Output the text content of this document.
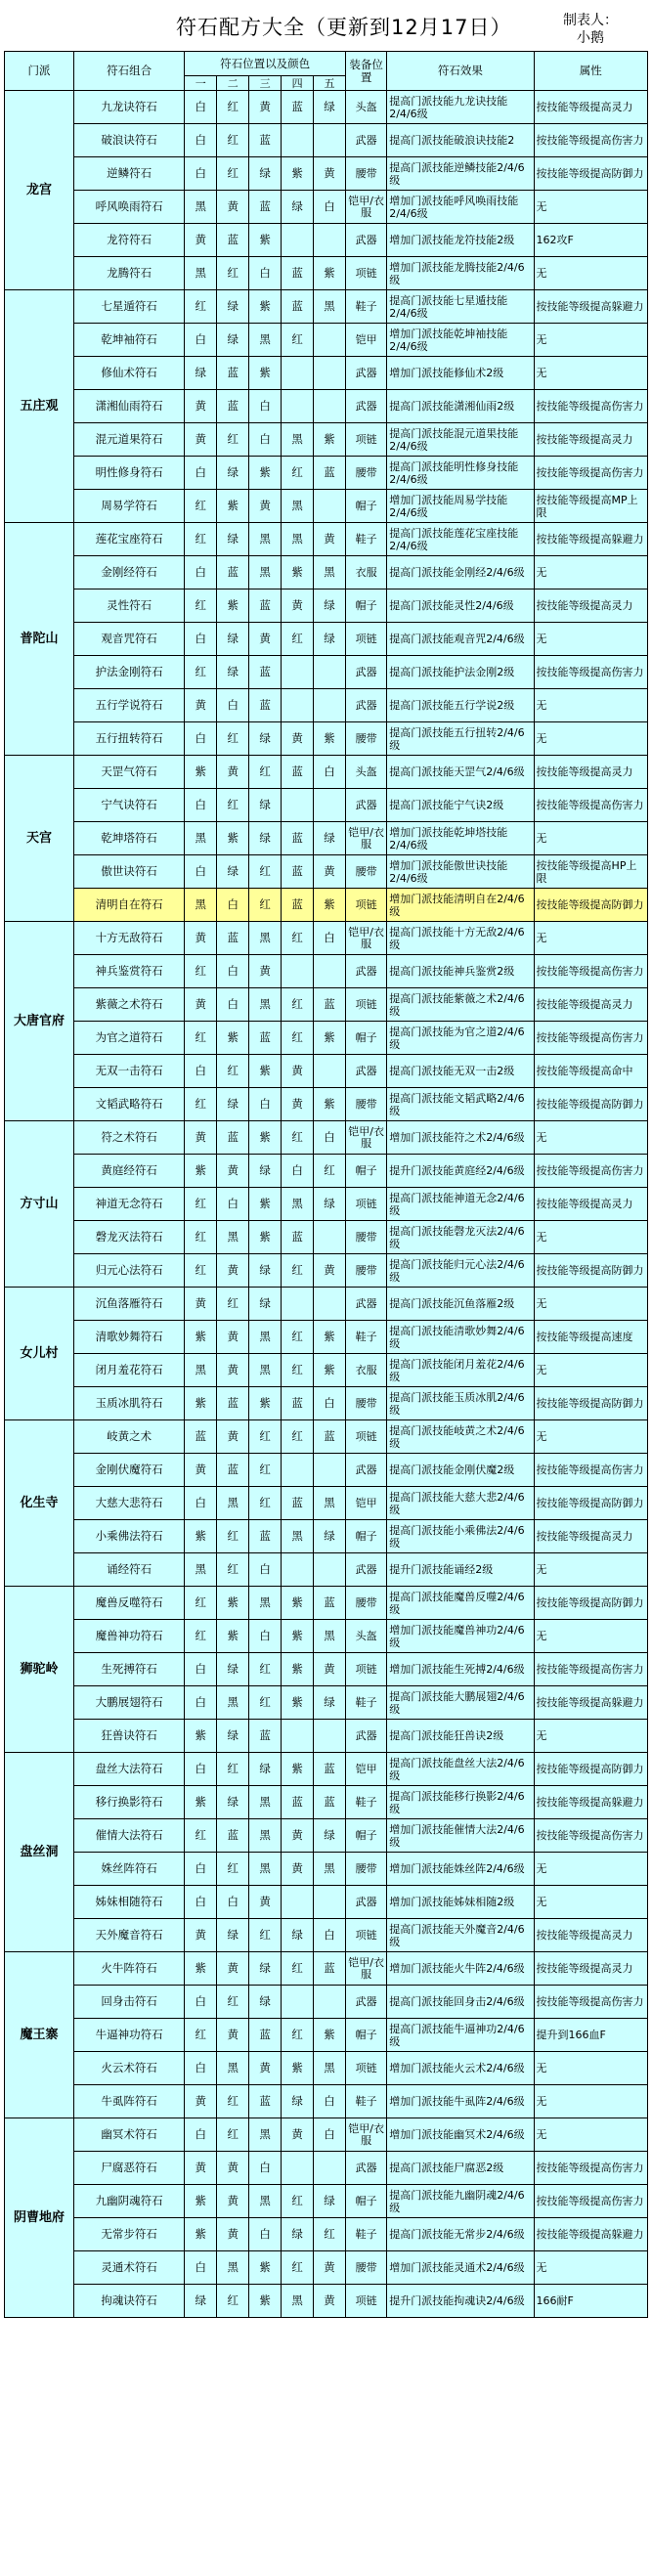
符石配方大全（更新到12月17日）	制表人：
小鹅
门派	符石组合	符石位置以及颜色					装备位置	符石效果	属性
		一	二	三	四	五			
龙宫	九龙诀符石	白	红	黄	蓝	绿	头盔	提高门派技能九龙诀技能2/4/6级	按技能等级提高灵力
	破浪诀符石	白	红	蓝			武器	提高门派技能破浪诀技能2	按技能等级提高伤害力
	逆鳞符石	白	红	绿	紫	黄	腰带	提高门派技能逆鳞技能2/4/6级	按技能等级提高防御力
	呼风唤雨符石	黑	黄	蓝	绿	白	铠甲/衣服	增加门派技能呼风唤雨技能2/4/6级	无
	龙符符石	黄	蓝	紫			武器	增加门派技能龙符技能2级	162攻F
	龙腾符石	黑	红	白	蓝	紫	项链	增加门派技能龙腾技能2/4/6级	无
五庄观	七星遁符石	红	绿	紫	蓝	黑	鞋子	提高门派技能七星遁技能2/4/6级	按技能等级提高躲避力
	乾坤袖符石	白	绿	黑	红		铠甲	增加门派技能乾坤袖技能2/4/6级	无
	修仙术符石	绿	蓝	紫			武器	增加门派技能修仙术2级	无
	潇湘仙雨符石	黄	蓝	白			武器	提高门派技能潇湘仙雨2级	按技能等级提高伤害力
	混元道果符石	黄	红	白	黑	紫	项链	提高门派技能混元道果技能2/4/6级	按技能等级提高灵力
	明性修身符石	白	绿	紫	红	蓝	腰带	提高门派技能明性修身技能2/4/6级	按技能等级提高伤害力
	周易学符石	红	紫	黄	黑		帽子	增加门派技能周易学技能2/4/6级	按技能等级提高MP上限
普陀山	莲花宝座符石	红	绿	黑	黑	黄	鞋子	提高门派技能莲花宝座技能2/4/6级	按技能等级提高躲避力
	金刚经符石	白	蓝	黑	紫	黑	衣服	提高门派技能金刚经2/4/6级	无
	灵性符石	红	紫	蓝	黄	绿	帽子	提高门派技能灵性2/4/6级	按技能等级提高灵力
	观音咒符石	白	绿	黄	红	绿	项链	提高门派技能观音咒2/4/6级	无
	护法金刚符石	红	绿	蓝			武器	提高门派技能护法金刚2级	按技能等级提高伤害力
	五行学说符石	黄	白	蓝			武器	提高门派技能五行学说2级	无
	五行扭转符石	白	红	绿	黄	紫	腰带	提高门派技能五行扭转2/4/6级	无
天宫	天罡气符石	紫	黄	红	蓝	白	头盔	提高门派技能天罡气2/4/6级	按技能等级提高灵力
	宁气诀符石	白	红	绿			武器	提高门派技能宁气诀2级	按技能等级提高伤害力
	乾坤塔符石	黑	紫	绿	蓝	绿	铠甲/衣服	增加门派技能乾坤塔技能2/4/6级	无
	傲世诀符石	白	绿	红	蓝	黄	腰带	增加门派技能傲世诀技能2/4/6级	按技能等级提高HP上限
	清明自在符石	黑	白	红	蓝	紫	项链	增加门派技能清明自在2/4/6级	按技能等级提高防御力
大唐官府	十方无敌符石	黄	蓝	黑	红	白	铠甲/衣服	提高门派技能十方无敌2/4/6级	无
	神兵鉴赏符石	红	白	黄			武器	提高门派技能神兵鉴赏2级	按技能等级提高伤害力
	紫薇之术符石	黄	白	黑	红	蓝	项链	提高门派技能紫薇之术2/4/6级	按技能等级提高灵力
	为官之道符石	红	紫	蓝	红	紫	帽子	提高门派技能为官之道2/4/6级	按技能等级提高伤害力
	无双一击符石	白	红	紫	黄		武器	提高门派技能无双一击2级	按技能等级提高命中
	文韬武略符石	红	绿	白	黄	紫	腰带	提高门派技能文韬武略2/4/6级	按技能等级提高防御力
方寸山	符之术符石	黄	蓝	紫	红	白	铠甲/衣服	增加门派技能符之术2/4/6级	无
	黄庭经符石	紫	黄	绿	白	红	帽子	提升门派技能黄庭经2/4/6级	按技能等级提高伤害力
	神道无念符石	红	白	紫	黑	绿	项链	提高门派技能神道无念2/4/6级	按技能等级提高灵力
	磬龙灭法符石	红	黑	紫	蓝		腰带	提高门派技能磬龙灭法2/4/6级	无
	归元心法符石	红	黄	绿	红	黄	腰带	提高门派技能归元心法2/4/6级	按技能等级提高防御力
女儿村	沉鱼落雁符石	黄	红	绿			武器	提高门派技能沉鱼落雁2级	无
	清歌妙舞符石	紫	黄	黑	红	紫	鞋子	提高门派技能清歌妙舞2/4/6级	按技能等级提高速度
	闭月羞花符石	黑	黄	黑	红	紫	衣服	提高门派技能闭月羞花2/4/6级	无
	玉质冰肌符石	紫	蓝	紫	蓝	白	腰带	提高门派技能玉质冰肌2/4/6级	按技能等级提高防御力
化生寺	岐黄之术	蓝	黄	红	红	蓝	项链	提高门派技能岐黄之术2/4/6级	无
	金刚伏魔符石	黄	蓝	红			武器	提高门派技能金刚伏魔2级	按技能等级提高伤害力
	大慈大悲符石	白	黑	红	蓝	黑	铠甲	提高门派技能大慈大悲2/4/6级	按技能等级提高防御力
	小乘佛法符石	紫	红	蓝	黑	绿	帽子	提高门派技能小乘佛法2/4/6级	按技能等级提高灵力
	诵经符石	黑	红	白			武器	提升门派技能诵经2级	无
狮驼岭	魔兽反噬符石	红	紫	黑	紫	蓝	腰带	提高门派技能魔兽反噬2/4/6级	按技能等级提高防御力
	魔兽神功符石	红	紫	白	紫	黑	头盔	增加门派技能魔兽神功2/4/6级	无
	生死搏符石	白	绿	红	紫	黄	项链	增加门派技能生死搏2/4/6级	按技能等级提高伤害力
	大鹏展翅符石	白	黑	红	紫	绿	鞋子	提高门派技能大鹏展翅2/4/6级	按技能等级提高躲避力
	狂兽诀符石	紫	绿	蓝			武器	提高门派技能狂兽诀2级	无
盘丝洞	盘丝大法符石	白	红	绿	紫	蓝	铠甲	提高门派技能盘丝大法2/4/6级	按技能等级提高防御力
	移行换影符石	紫	绿	黑	蓝	蓝	鞋子	提高门派技能移行换影2/4/6级	按技能等级提高躲避力
	催情大法符石	红	蓝	黑	黄	绿	帽子	增加门派技能催情大法2/4/6级	按技能等级提高伤害力
	姝丝阵符石	白	红	黑	黄	黑	腰带	增加门派技能姝丝阵2/4/6级	无
	姊妹相随符石	白	白	黄			武器	增加门派技能姊妹相随2级	无
	天外魔音符石	黄	绿	红	绿	白	项链	提高门派技能天外魔音2/4/6级	按技能等级提高灵力
魔王寨	火牛阵符石	紫	黄	绿	红	蓝	铠甲/衣服	增加门派技能火牛阵2/4/6级	按技能等级提高灵力
	回身击符石	白	红	绿			武器	提高门派技能回身击2/4/6级	按技能等级提高伤害力
	牛逼神功符石	红	黄	蓝	红	紫	帽子	提高门派技能牛逼神功2/4/6级	提升到166血F
	火云术符石	白	黑	黄	紫	黑	项链	增加门派技能火云术2/4/6级	无
	牛虱阵符石	黄	红	蓝	绿	白	鞋子	增加门派技能牛虱阵2/4/6级	无
阴曹地府	幽冥术符石	白	红	黑	黄	白	铠甲/衣服	增加门派技能幽冥术2/4/6级	无
	尸腐恶符石	黄	黄	白			武器	提高门派技能尸腐恶2级	按技能等级提高伤害力
	九幽阴魂符石	紫	黄	黑	红	绿	帽子	提高门派技能九幽阴魂2/4/6级	按技能等级提高伤害力
	无常步符石	紫	黄	白	绿	红	鞋子	提高门派技能无常步2/4/6级	按技能等级提高躲避力
	灵通术符石	白	黑	紫	红	黄	腰带	增加门派技能灵通术2/4/6级	无
	拘魂诀符石	绿	红	紫	黑	黄	项链	提升门派技能拘魂诀2/4/6级	166耐F
